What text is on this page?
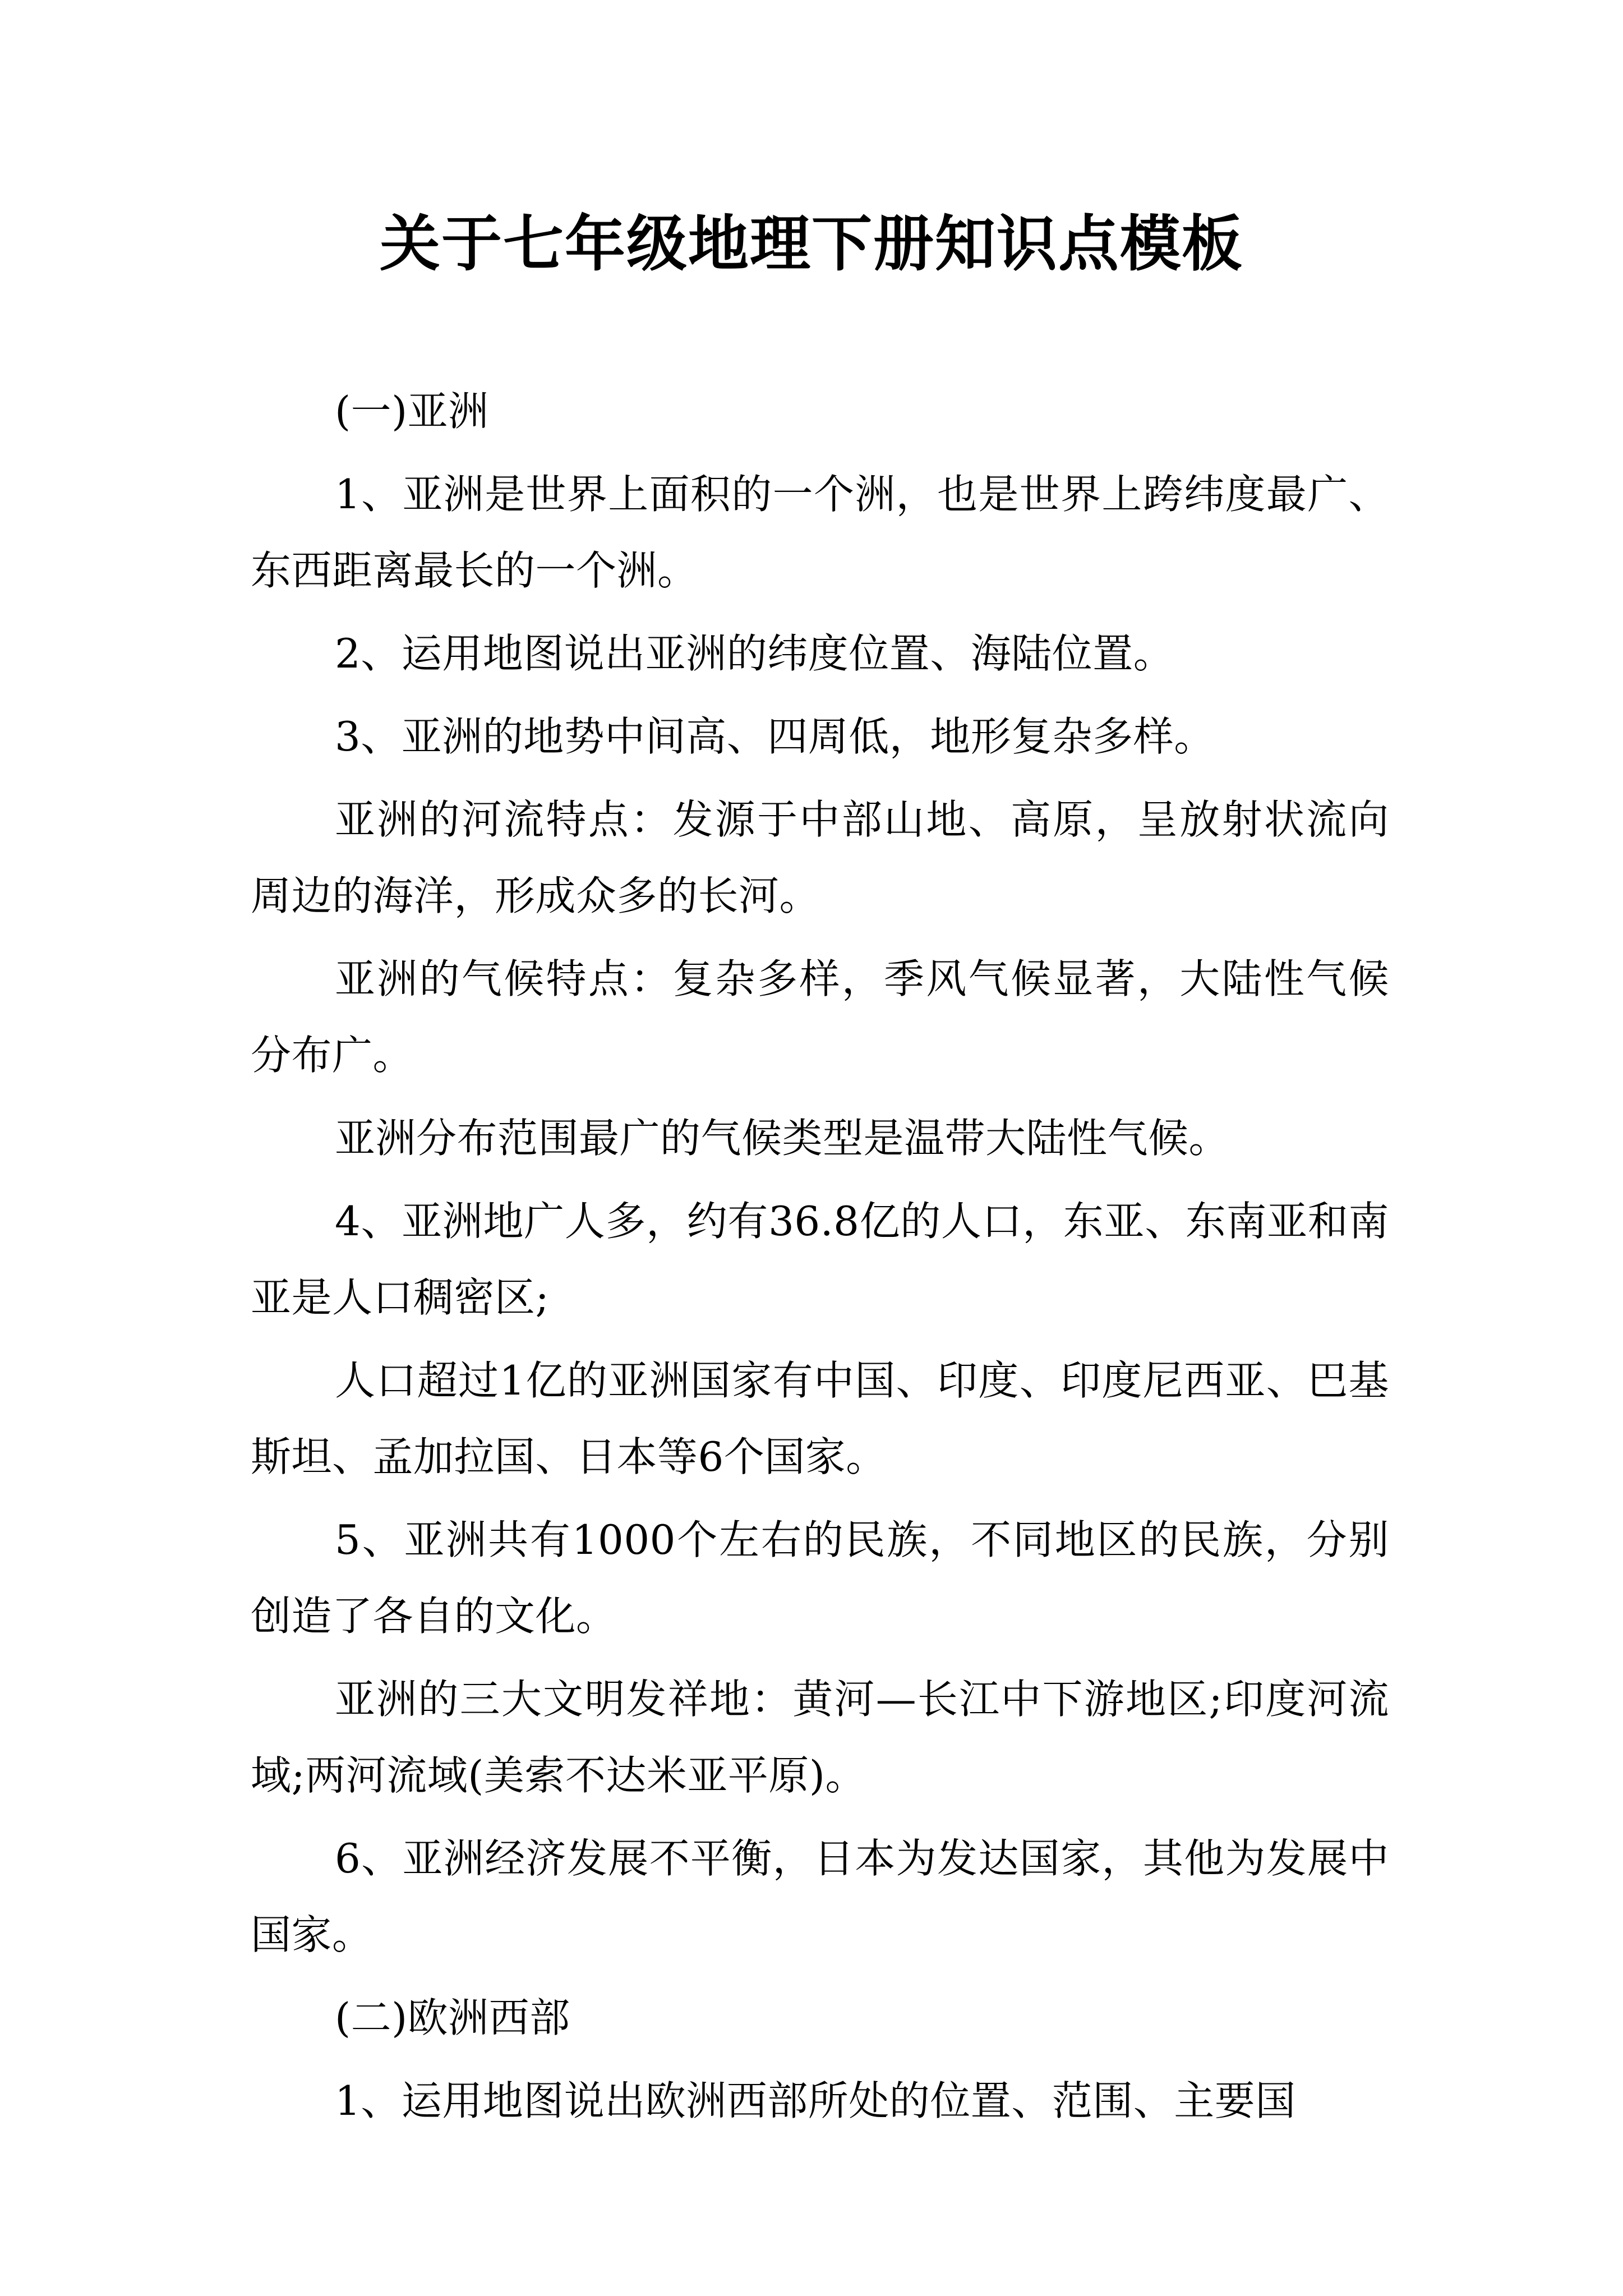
关于七年级地理下册知识点模板

(一)亚洲

1、亚洲是世界上面积的一个洲，也是世界上跨纬度最广、东西距离最长的一个洲。

2、运用地图说出亚洲的纬度位置、海陆位置。

3、亚洲的地势中间高、四周低，地形复杂多样。

亚洲的河流特点：发源于中部山地、高原，呈放射状流向周边的海洋，形成众多的长河。

亚洲的气候特点：复杂多样，季风气候显著，大陆性气候分布广。

亚洲分布范围最广的气候类型是温带大陆性气候。

4、亚洲地广人多，约有36.8亿的人口，东亚、东南亚和南亚是人口稠密区;

人口超过1亿的亚洲国家有中国、印度、印度尼西亚、巴基斯坦、孟加拉国、日本等6个国家。

5、亚洲共有1000个左右的民族，不同地区的民族，分别创造了各自的文化。

亚洲的三大文明发祥地：黄河—长江中下游地区;印度河流域;两河流域(美索不达米亚平原)。

6、亚洲经济发展不平衡，日本为发达国家，其他为发展中国家。

(二)欧洲西部

1、运用地图说出欧洲西部所处的位置、范围、主要国
